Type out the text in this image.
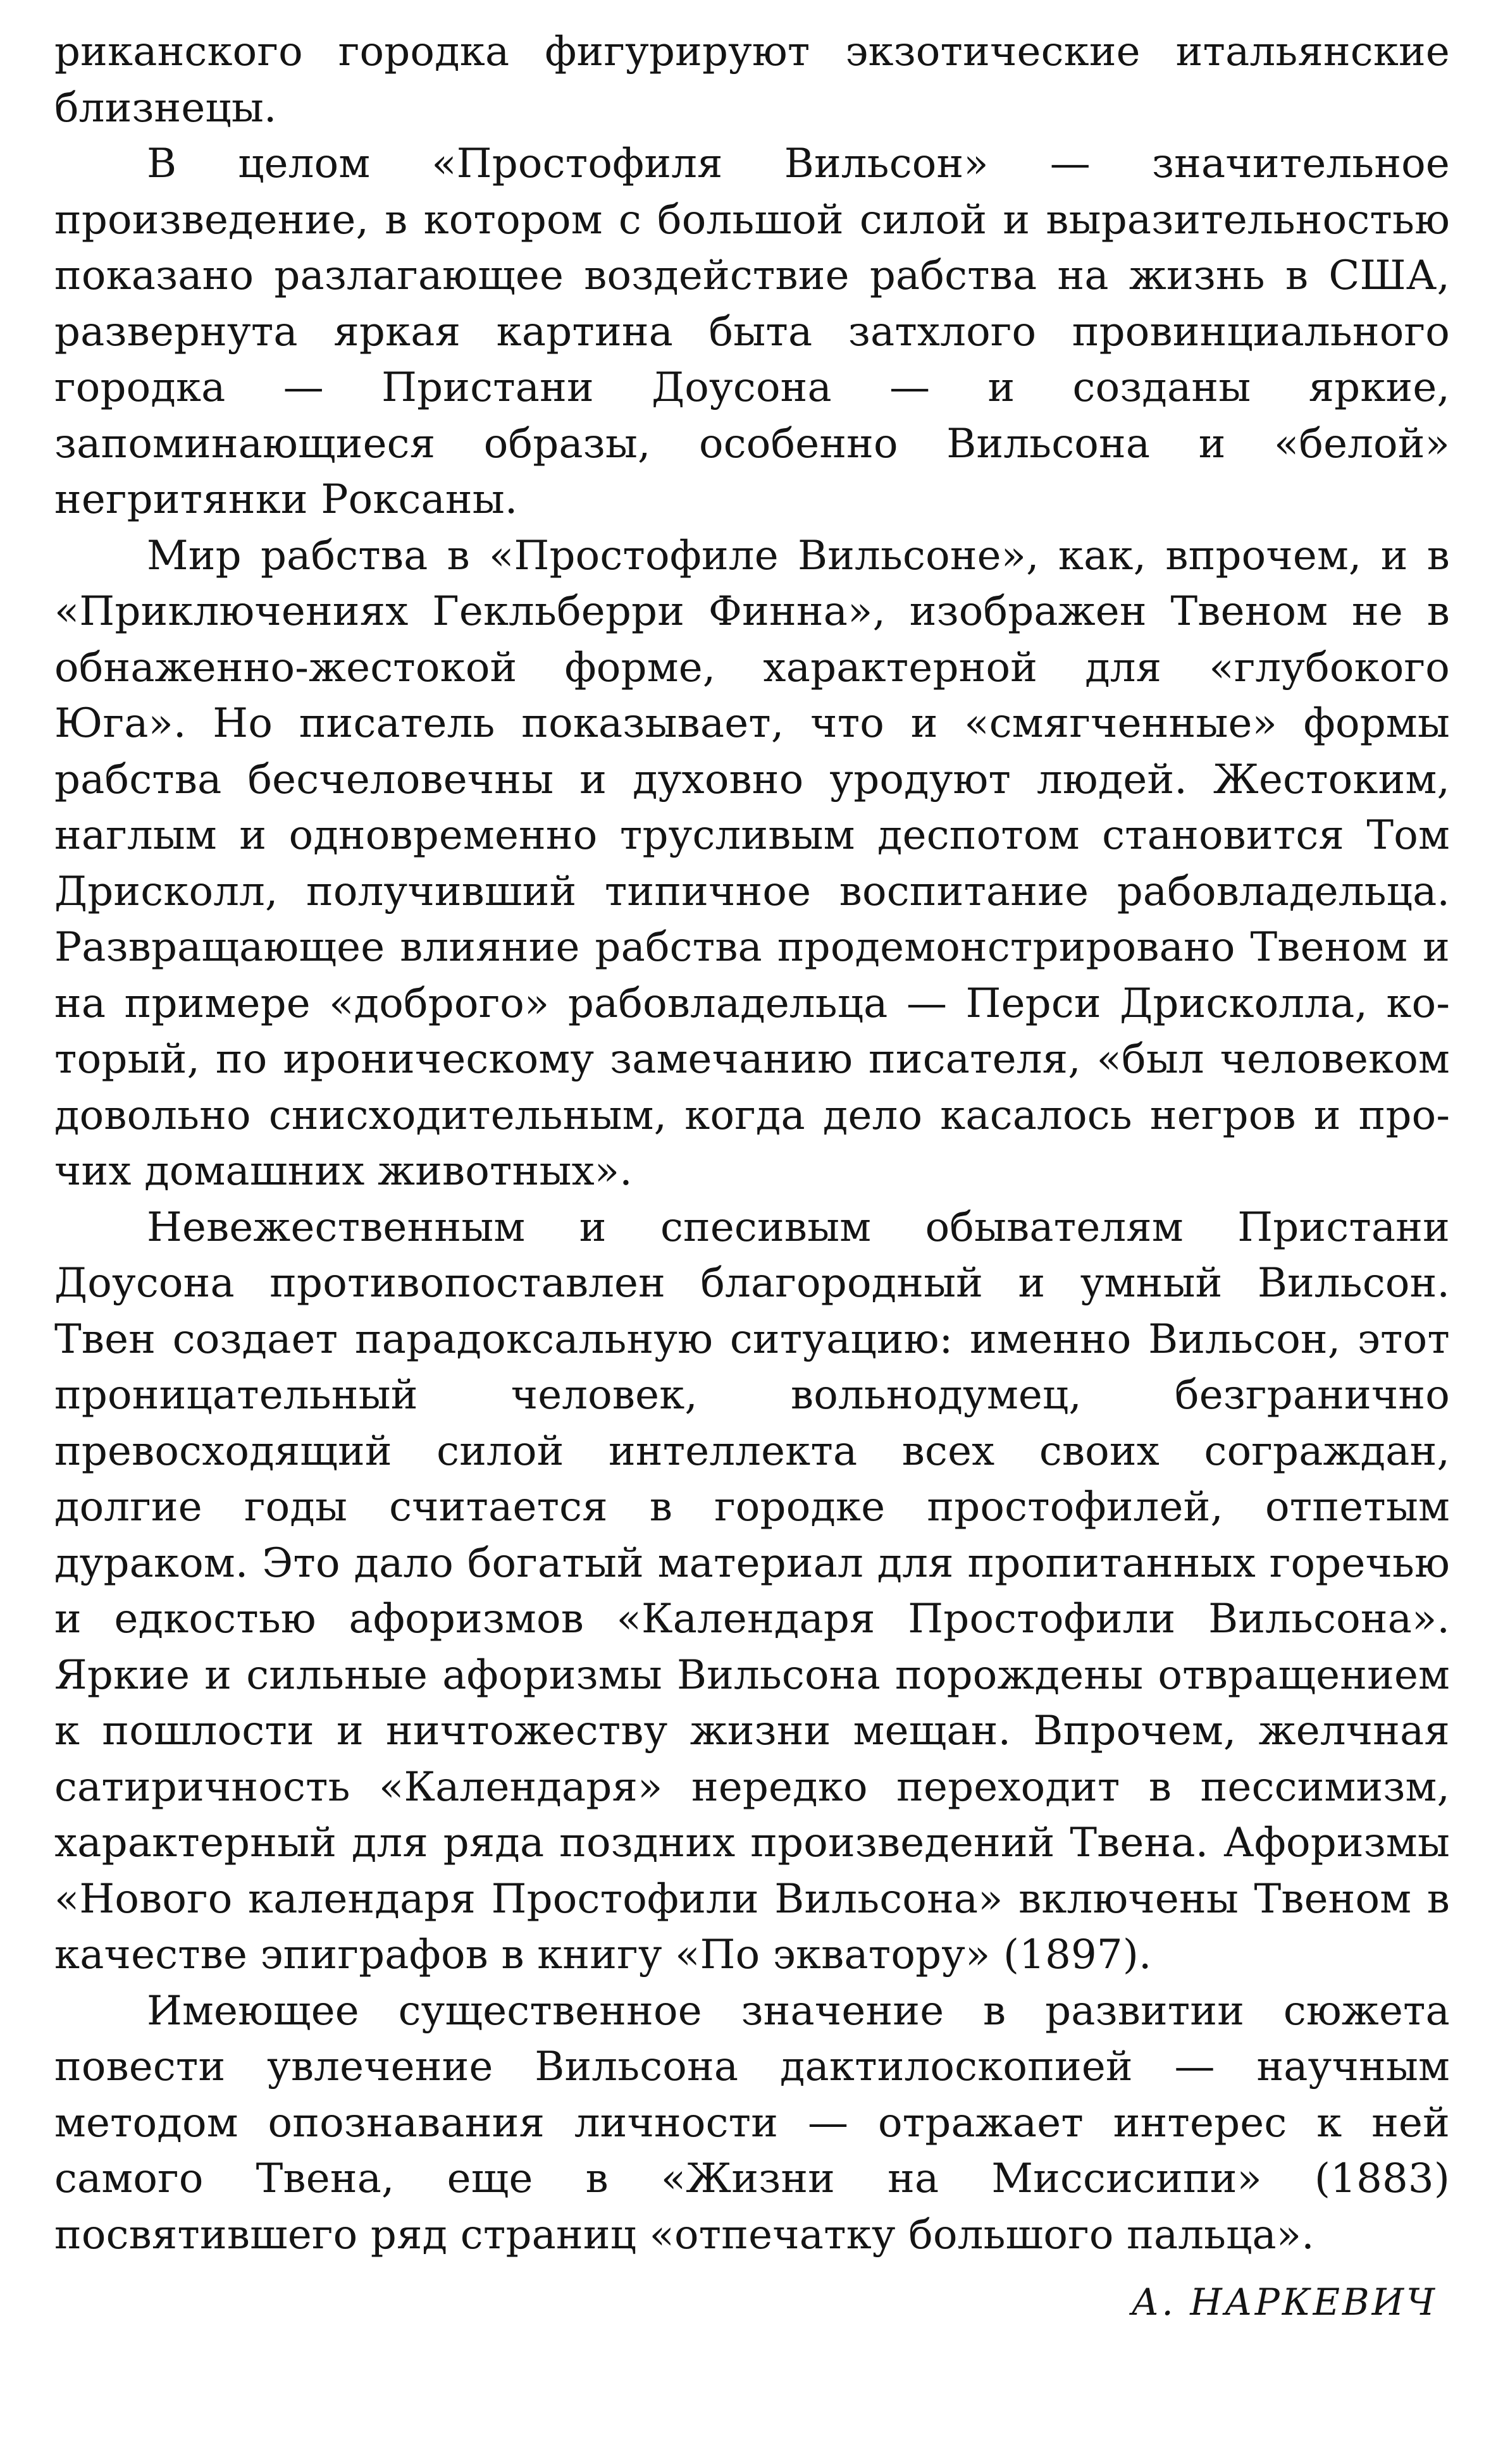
риканского городка фигурируют экзотические итальянские близнецы.

В целом «Простофиля Вильсон» — значительное произведение, в котором с большой силой и выразительностью показано разлагающее воздействие рабства на жизнь в США, развернута яркая картина быта затхлого провинциального городка — Пристани Доусона — и созданы яркие, запоминающиеся образы, особенно Вильсона и «белой» негритянки Роксаны.

Мир рабства в «Простофиле Вильсоне», как, впрочем, и в «Приключениях Гекльберри Финна», изображен Твеном не в обнаженно-жестокой форме, характерной для «глубокого Юга». Но писатель показывает, что и «смягченные» формы рабства бесчеловечны и духовно уродуют людей. Жестоким, наглым и одновременно трусливым деспотом становится Том Дрисколл, получивший типичное воспитание рабовладельца. Развращающее влияние рабства продемонстрировано Твеном и на примере «доброго» рабовладельца — Перси Дрисколла, который, по ироническому замечанию писателя, «был человеком довольно снисходительным, когда дело касалось негров и прочих домашних животных».

Невежественным и спесивым обывателям Пристани Доусона противопоставлен благородный и умный Вильсон. Твен создает парадоксальную ситуацию: именно Вильсон, этот проницательный человек, вольнодумец, безгранично превосходящий силой интеллекта всех своих сограждан, долгие годы считается в городке простофилей, отпетым дураком. Это дало богатый материал для пропитанных горечью и едкостью афоризмов «Календаря Простофили Вильсона». Яркие и сильные афоризмы Вильсона порождены отвращением к пошлости и ничтожеству жизни мещан. Впрочем, желчная сатиричность «Календаря» нередко переходит в пессимизм, характерный для ряда поздних произведений Твена. Афоризмы «Нового календаря Простофили Вильсона» включены Твеном в качестве эпиграфов в книгу «По экватору» (1897).

Имеющее существенное значение в развитии сюжета повести увлечение Вильсона дактилоскопией — научным методом опознавания личности — отражает интерес к ней самого Твена, еще в «Жизни на Миссисипи» (1883) посвятившего ряд страниц «отпечатку большого пальца».

А. НАРКЕВИЧ
